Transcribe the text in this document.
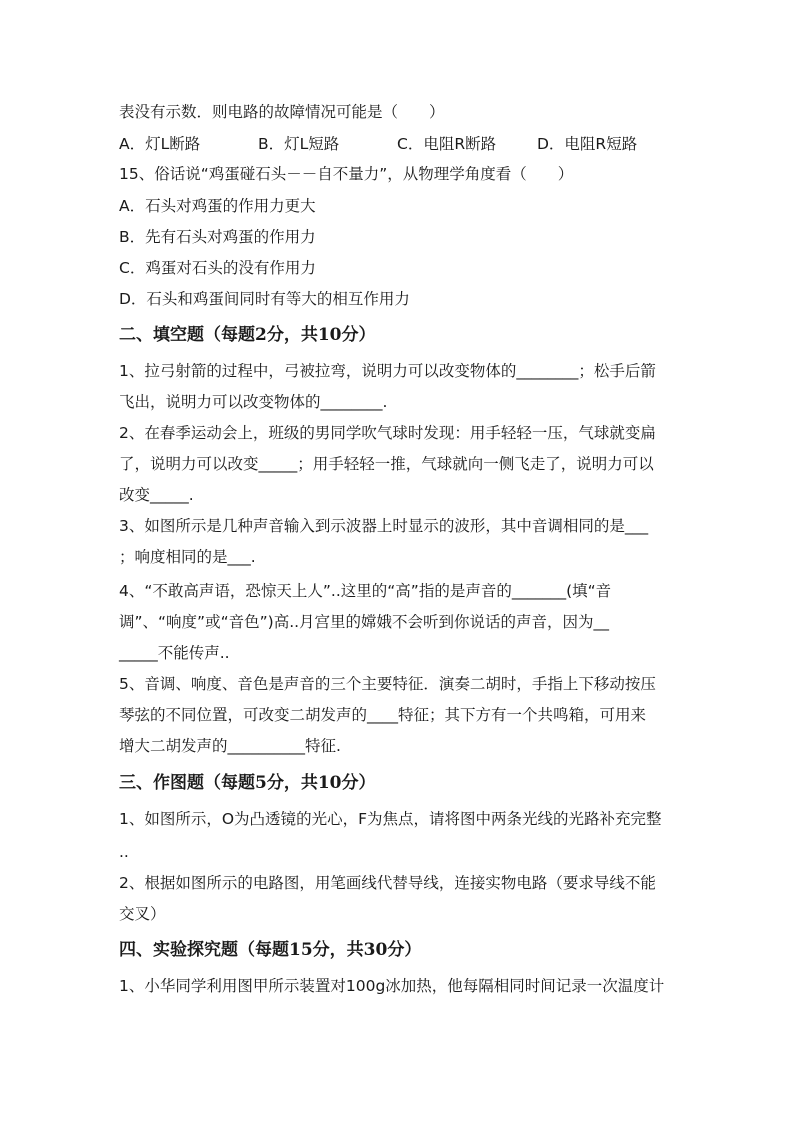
表没有示数．则电路的故障情况可能是（　　）
A．灯L断路	B．灯L短路	C．电阻R断路	D．电阻R短路
15、俗话说“鸡蛋碰石头－－自不量力”，从物理学角度看（　　）
A．石头对鸡蛋的作用力更大
B．先有石头对鸡蛋的作用力
C．鸡蛋对石头的没有作用力
D．石头和鸡蛋间同时有等大的相互作用力
二、填空题（每题2分，共10分）
1、拉弓射箭的过程中，弓被拉弯，说明力可以改变物体的________；松手后箭
飞出，说明力可以改变物体的________.
2、在春季运动会上，班级的男同学吹气球时发现：用手轻轻一压，气球就变扁
了，说明力可以改变_____；用手轻轻一推，气球就向一侧飞走了，说明力可以
改变_____.
3、如图所示是几种声音输入到示波器上时显示的波形，其中音调相同的是___
；响度相同的是___.
4、“不敢高声语，恐惊天上人”..这里的“高”指的是声音的_______(填“音
调”、“响度”或“音色”)高..月宫里的嫦娥不会听到你说话的声音，因为__
_____不能传声..
5、音调、响度、音色是声音的三个主要特征．演奏二胡时，手指上下移动按压
琴弦的不同位置，可改变二胡发声的____特征；其下方有一个共鸣箱，可用来
增大二胡发声的__________特征.
三、作图题（每题5分，共10分）
1、如图所示，O为凸透镜的光心，F为焦点，请将图中两条光线的光路补充完整
..
2、根据如图所示的电路图，用笔画线代替导线，连接实物电路（要求导线不能
交叉）
四、实验探究题（每题15分，共30分）
1、小华同学利用图甲所示装置对100g冰加热，他每隔相同时间记录一次温度计
